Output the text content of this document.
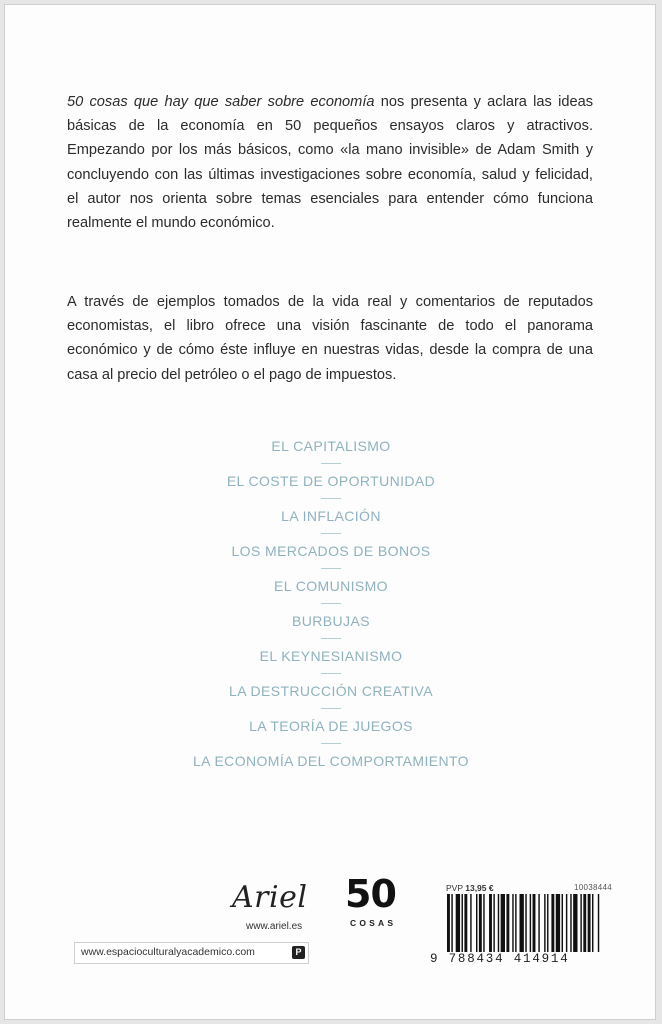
50 cosas que hay que saber sobre economía nos presenta y aclara las ideas básicas de la economía en 50 pequeños ensayos claros y atractivos. Empezando por los más básicos, como «la mano invisible» de Adam Smith y concluyendo con las últimas investigaciones sobre economía, salud y felicidad, el autor nos orienta sobre temas esenciales para entender cómo funciona realmente el mundo económico.
A través de ejemplos tomados de la vida real y comentarios de reputados economistas, el libro ofrece una visión fascinante de todo el panorama económico y de cómo éste influye en nuestras vidas, desde la compra de una casa al precio del petróleo o el pago de impuestos.

EL CAPITALISMO

EL COSTE DE OPORTUNIDAD

LA INFLACIÓN

LOS MERCADOS DE BONOS

EL COMUNISMO

BURBUJAS

EL KEYNESIANISMO

LA DESTRUCCIÓN CREATIVA

LA TEORÍA DE JUEGOS

LA ECONOMÍA DEL COMPORTAMIENTO

Ariel
www.ariel.es
50
COSAS
PVP 13,95 €	10038444
9 788434 414914
www.espacioculturalyacademico.com	P
